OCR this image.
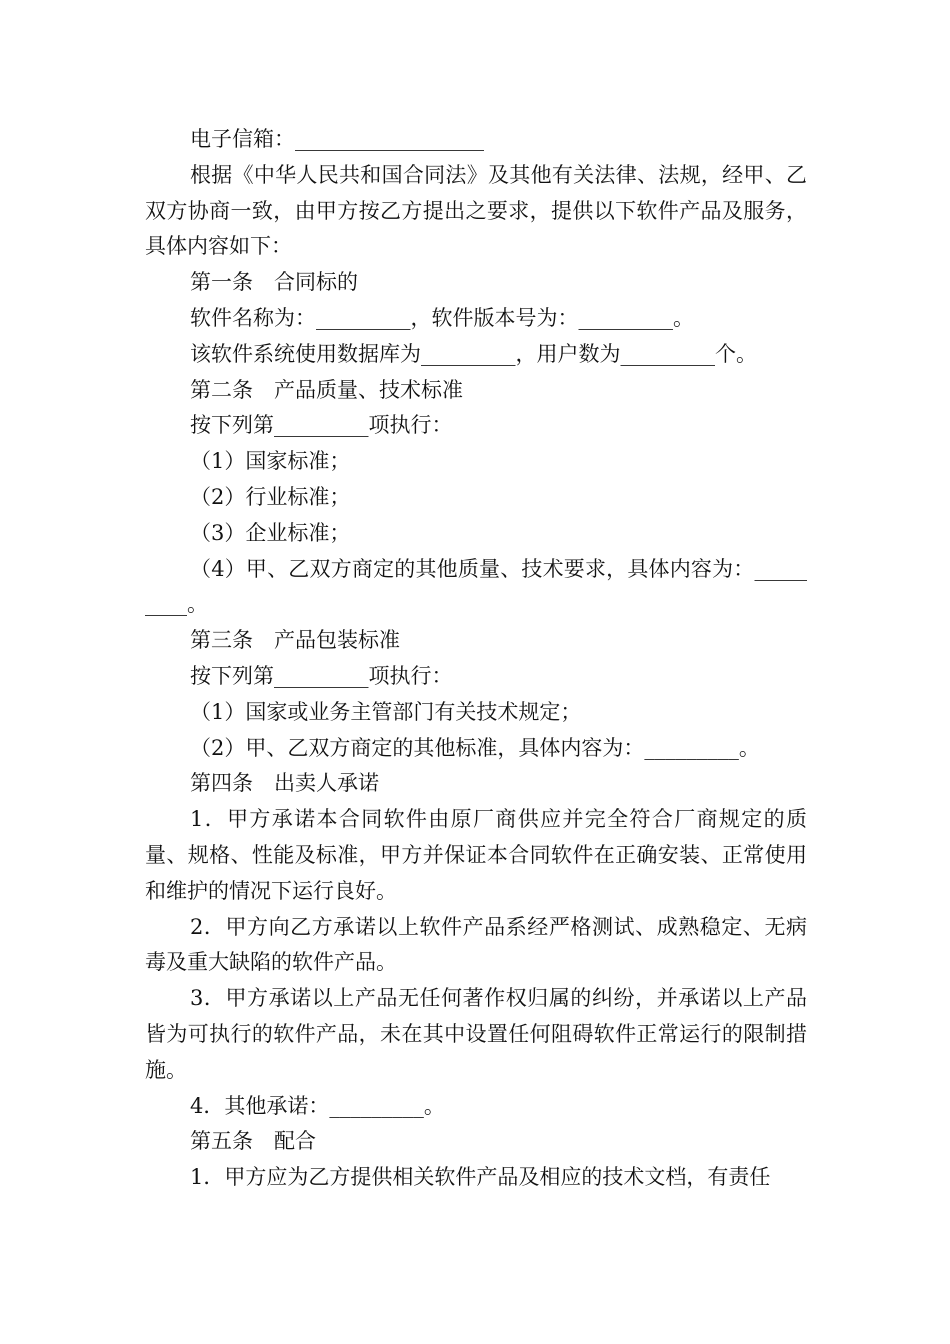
电子信箱：__________________

根据《中华人民共和国合同法》及其他有关法律、法规，经甲、乙双方协商一致，由甲方按乙方提出之要求，提供以下软件产品及服务，具体内容如下：

第一条　合同标的

软件名称为：_________，软件版本号为：_________。

该软件系统使用数据库为_________，用户数为_________个。

第二条　产品质量、技术标准

按下列第_________项执行：

（1）国家标准；

（2）行业标准；

（3）企业标准；

（4）甲、乙双方商定的其他质量、技术要求，具体内容为：_________。

第三条　产品包装标准

按下列第_________项执行：

（1）国家或业务主管部门有关技术规定；

（2）甲、乙双方商定的其他标准，具体内容为：_________。

第四条　出卖人承诺

1．甲方承诺本合同软件由原厂商供应并完全符合厂商规定的质量、规格、性能及标准，甲方并保证本合同软件在正确安装、正常使用和维护的情况下运行良好。

2．甲方向乙方承诺以上软件产品系经严格测试、成熟稳定、无病毒及重大缺陷的软件产品。

3．甲方承诺以上产品无任何著作权归属的纠纷，并承诺以上产品皆为可执行的软件产品，未在其中设置任何阻碍软件正常运行的限制措施。

4．其他承诺：_________。

第五条　配合

1．甲方应为乙方提供相关软件产品及相应的技术文档，有责任
